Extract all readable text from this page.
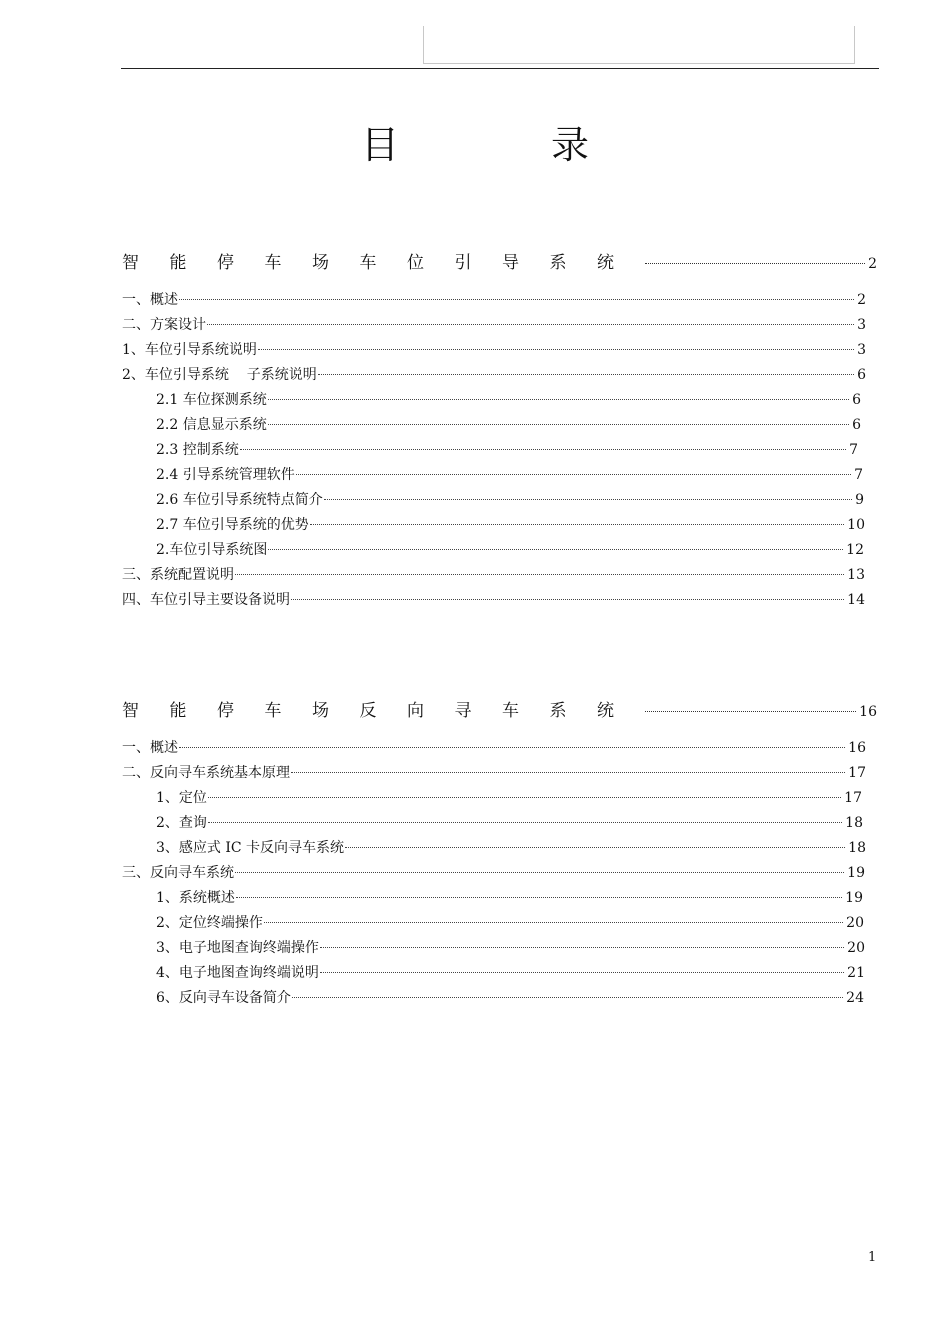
目 录
智能停车场车位引导系统	2
一、概述	2
二、方案设计	3
1、车位引导系统说明	3
2、车位引导系统    子系统说明	6
2.1 车位探测系统	6
2.2 信息显示系统	6
2.3 控制系统	7
2.4 引导系统管理软件	7
2.6 车位引导系统特点简介	9
2.7 车位引导系统的优势	10
2.车位引导系统图	12
三、系统配置说明	13
四、车位引导主要设备说明	14
智能停车场反向寻车系统	16
一、概述	16
二、反向寻车系统基本原理	17
1、定位	17
2、查询	18
3、感应式 IC 卡反向寻车系统	18
三、反向寻车系统	19
1、系统概述	19
2、定位终端操作	20
3、电子地图查询终端操作	20
4、电子地图查询终端说明	21
6、反向寻车设备简介	24
1
